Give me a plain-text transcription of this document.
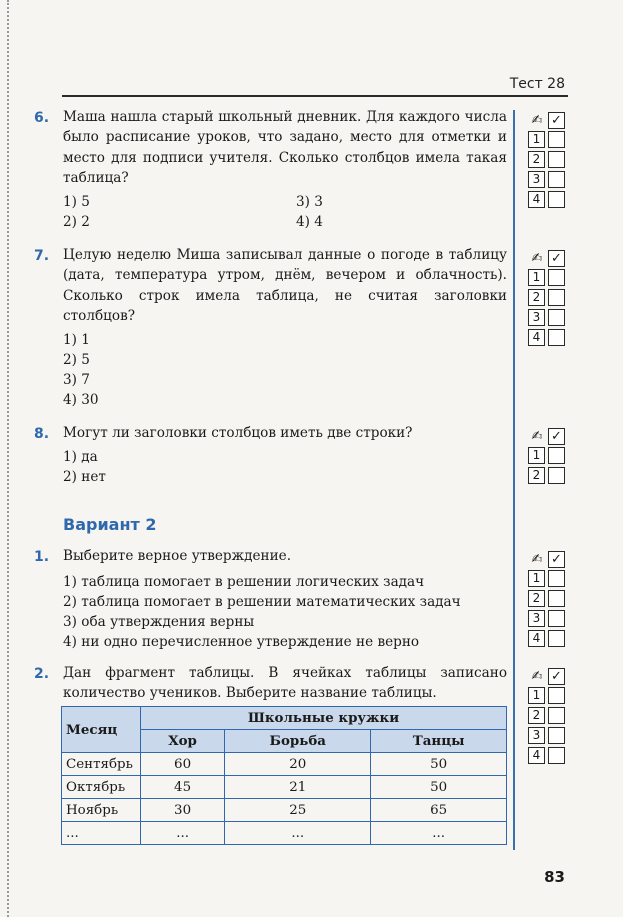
Тест 28
6. Маша нашла старый школьный дневник. Для каждого числа было расписание уроков, что задано, место для отметки и место для подписи учителя. Сколько столбцов имела такая таблица?

1) 5
2) 2
3) 3
4) 4
7. Целую неделю Миша записывал данные о погоде в таблицу (дата, температура утром, днём, вечером и облачность). Сколько строк имела таблица, не считая заголовки столбцов?

1) 1
2) 5
3) 7
4) 30
8. Могут ли заголовки столбцов иметь две строки?

1) да
2) нет
Вариант 2
1. Выберите верное утверждение.

1) таблица помогает в решении логических задач
2) таблица помогает в решении математических задач
3) оба утверждения верны
4) ни одно перечисленное утверждение не верно
2. Дан фрагмент таблицы. В ячейках таблицы записано количество учеников. Выберите название таблицы.

Месяц	Школьные кружки		
	Хор	Борьба	Танцы
Сентябрь	60	20	50
Октябрь	45	21	50
Ноябрь	30	25	65
...	...	...	...
83
✍ ✓
1
2
3
4
✍ ✓
1
2
3
4
✍ ✓
1
2
✍ ✓
1
2
3
4
✍ ✓
1
2
3
4
